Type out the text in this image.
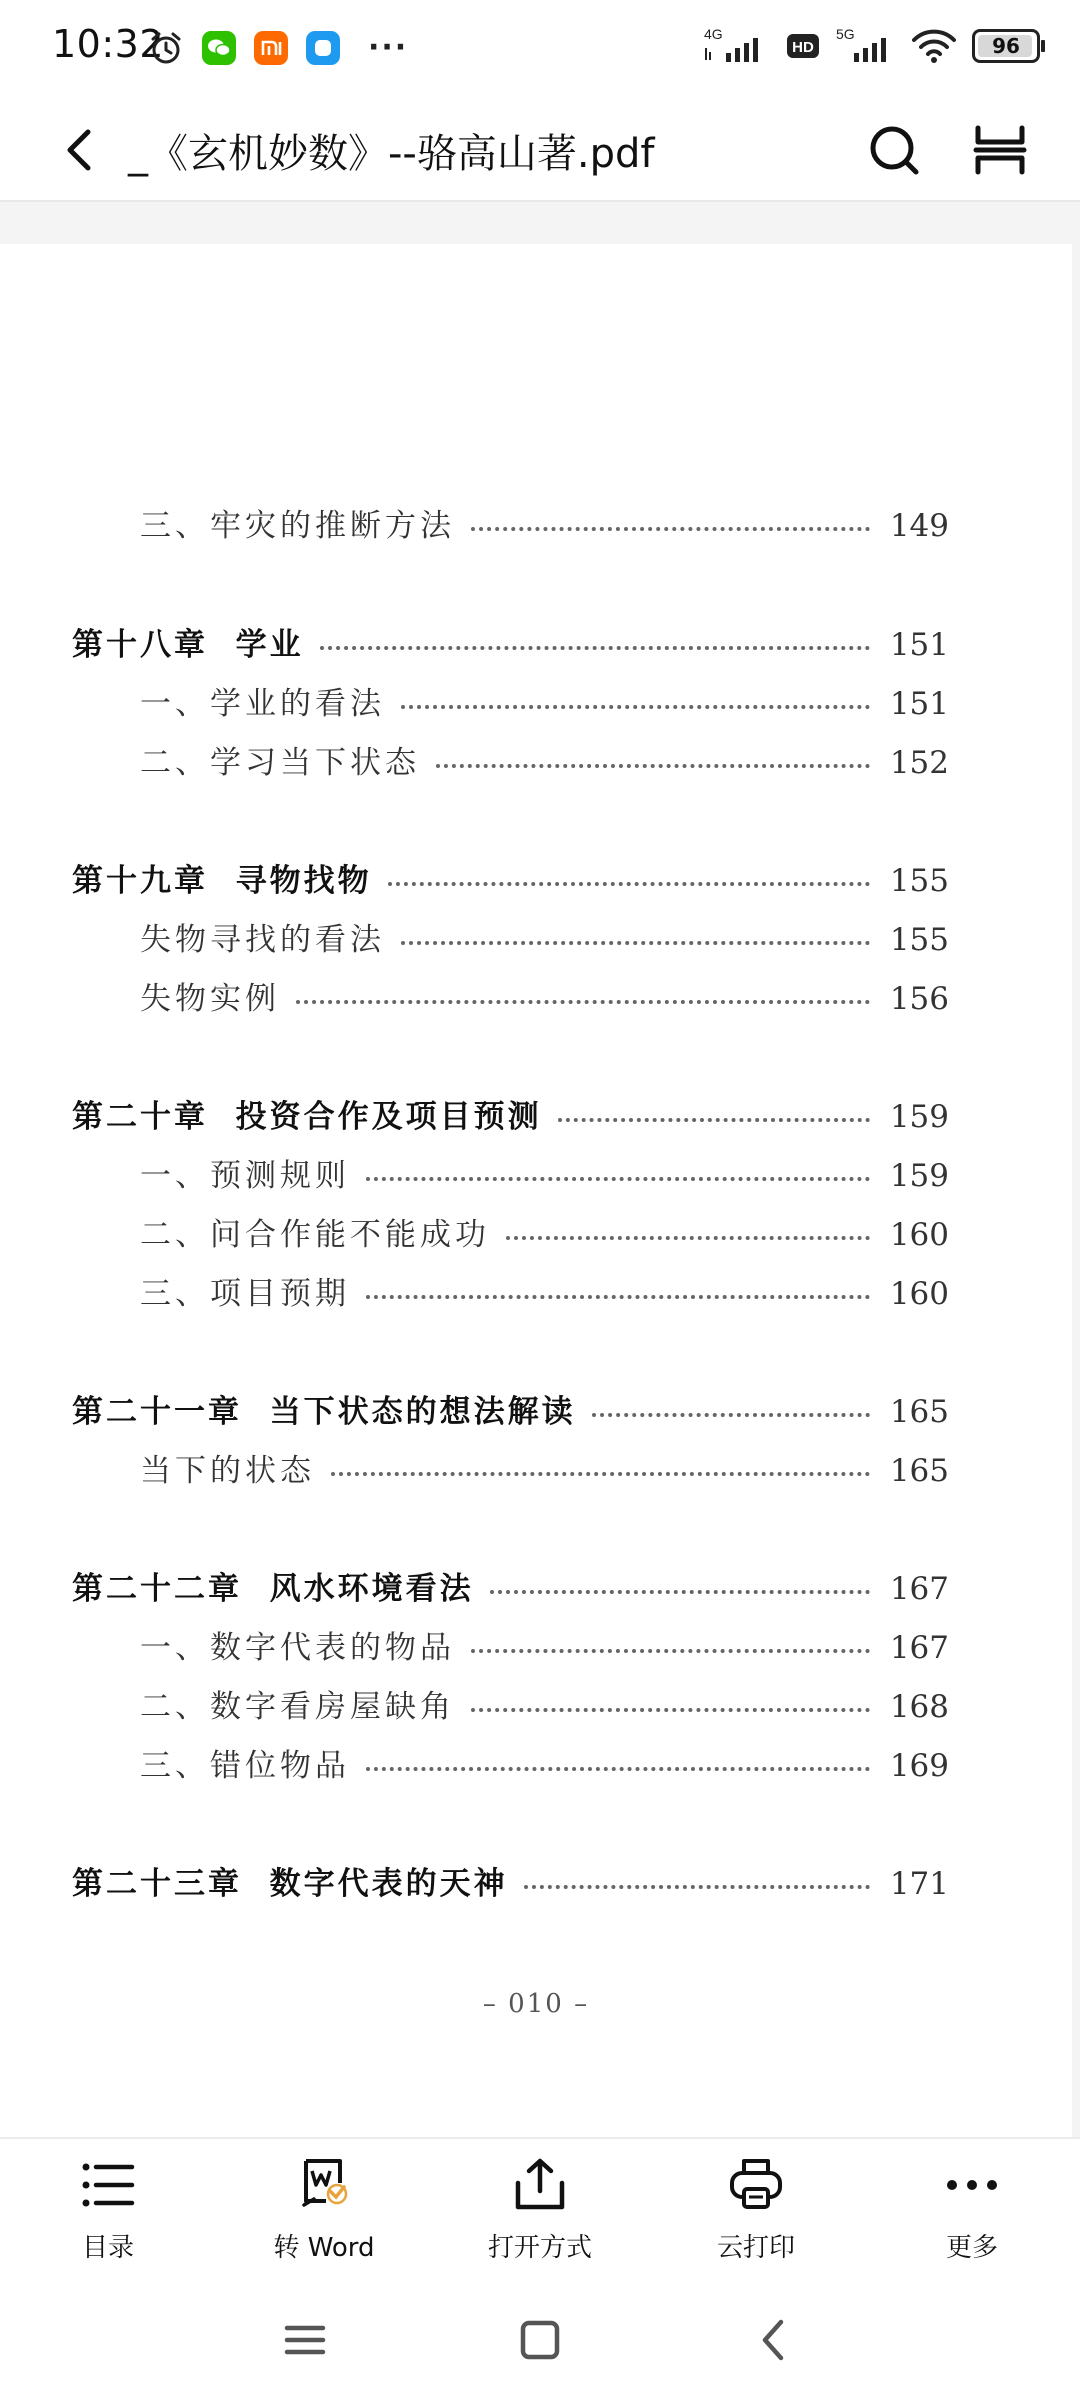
10:32	···	4G
HD
5G	96
_《玄机妙数》--骆高山著.pdf
三、牢灾的推断方法	149
第十八章  学业	151
一、学业的看法	151
二、学习当下状态	152
第十九章  寻物找物	155
失物寻找的看法	155
失物实例	156
第二十章  投资合作及项目预测	159
一、预测规则	159
二、问合作能不能成功	160
三、项目预期	160
第二十一章  当下状态的想法解读	165
当下的状态	165
第二十二章  风水环境看法	167
一、数字代表的物品	167
二、数字看房屋缺角	168
三、错位物品	169
第二十三章  数字代表的天神	171
– 010 –
目录	转 Word	打开方式	云打印	更多
